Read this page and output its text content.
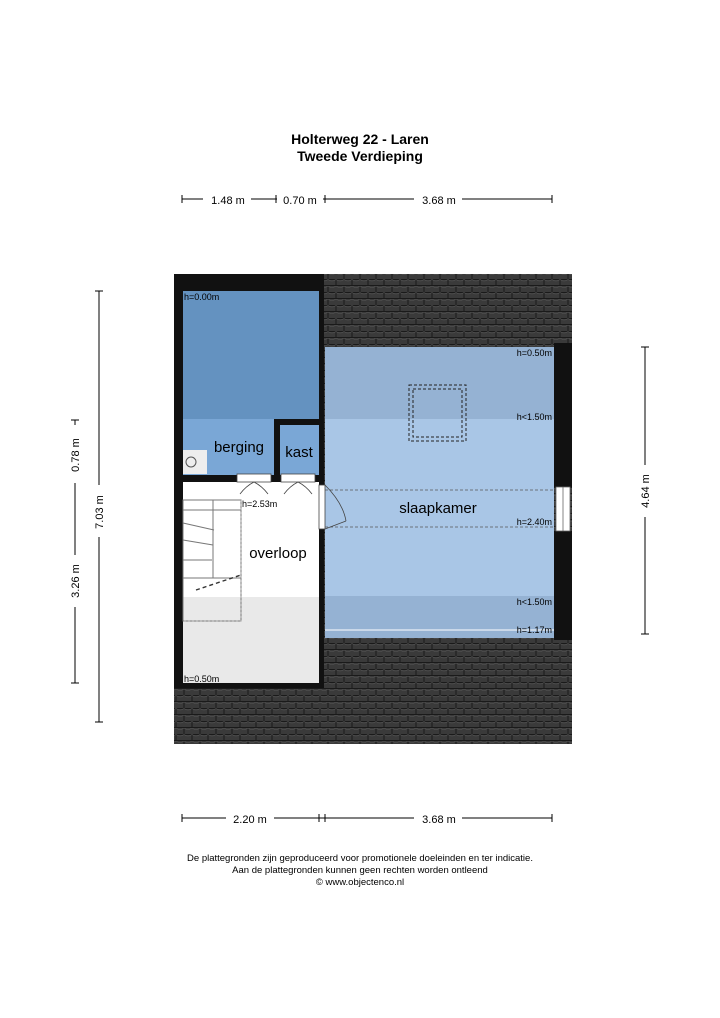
Holterweg 22 - Laren
Tweede Verdieping
1.48 m	0.70 m	3.68 m
2.20 m	3.68 m
7.03 m
0.78 m
3.26 m
4.64 m
berging kast
overloop
slaapkamer
h=0.00m
h=2.53m
h=0.50m
h=0.50m
h<1.50m
h=2.40m
h<1.50m
h=1.17m
De plattegronden zijn geproduceerd voor promotionele doeleinden en ter indicatie.
Aan de plattegronden kunnen geen rechten worden ontleend
© www.objectenco.nl
